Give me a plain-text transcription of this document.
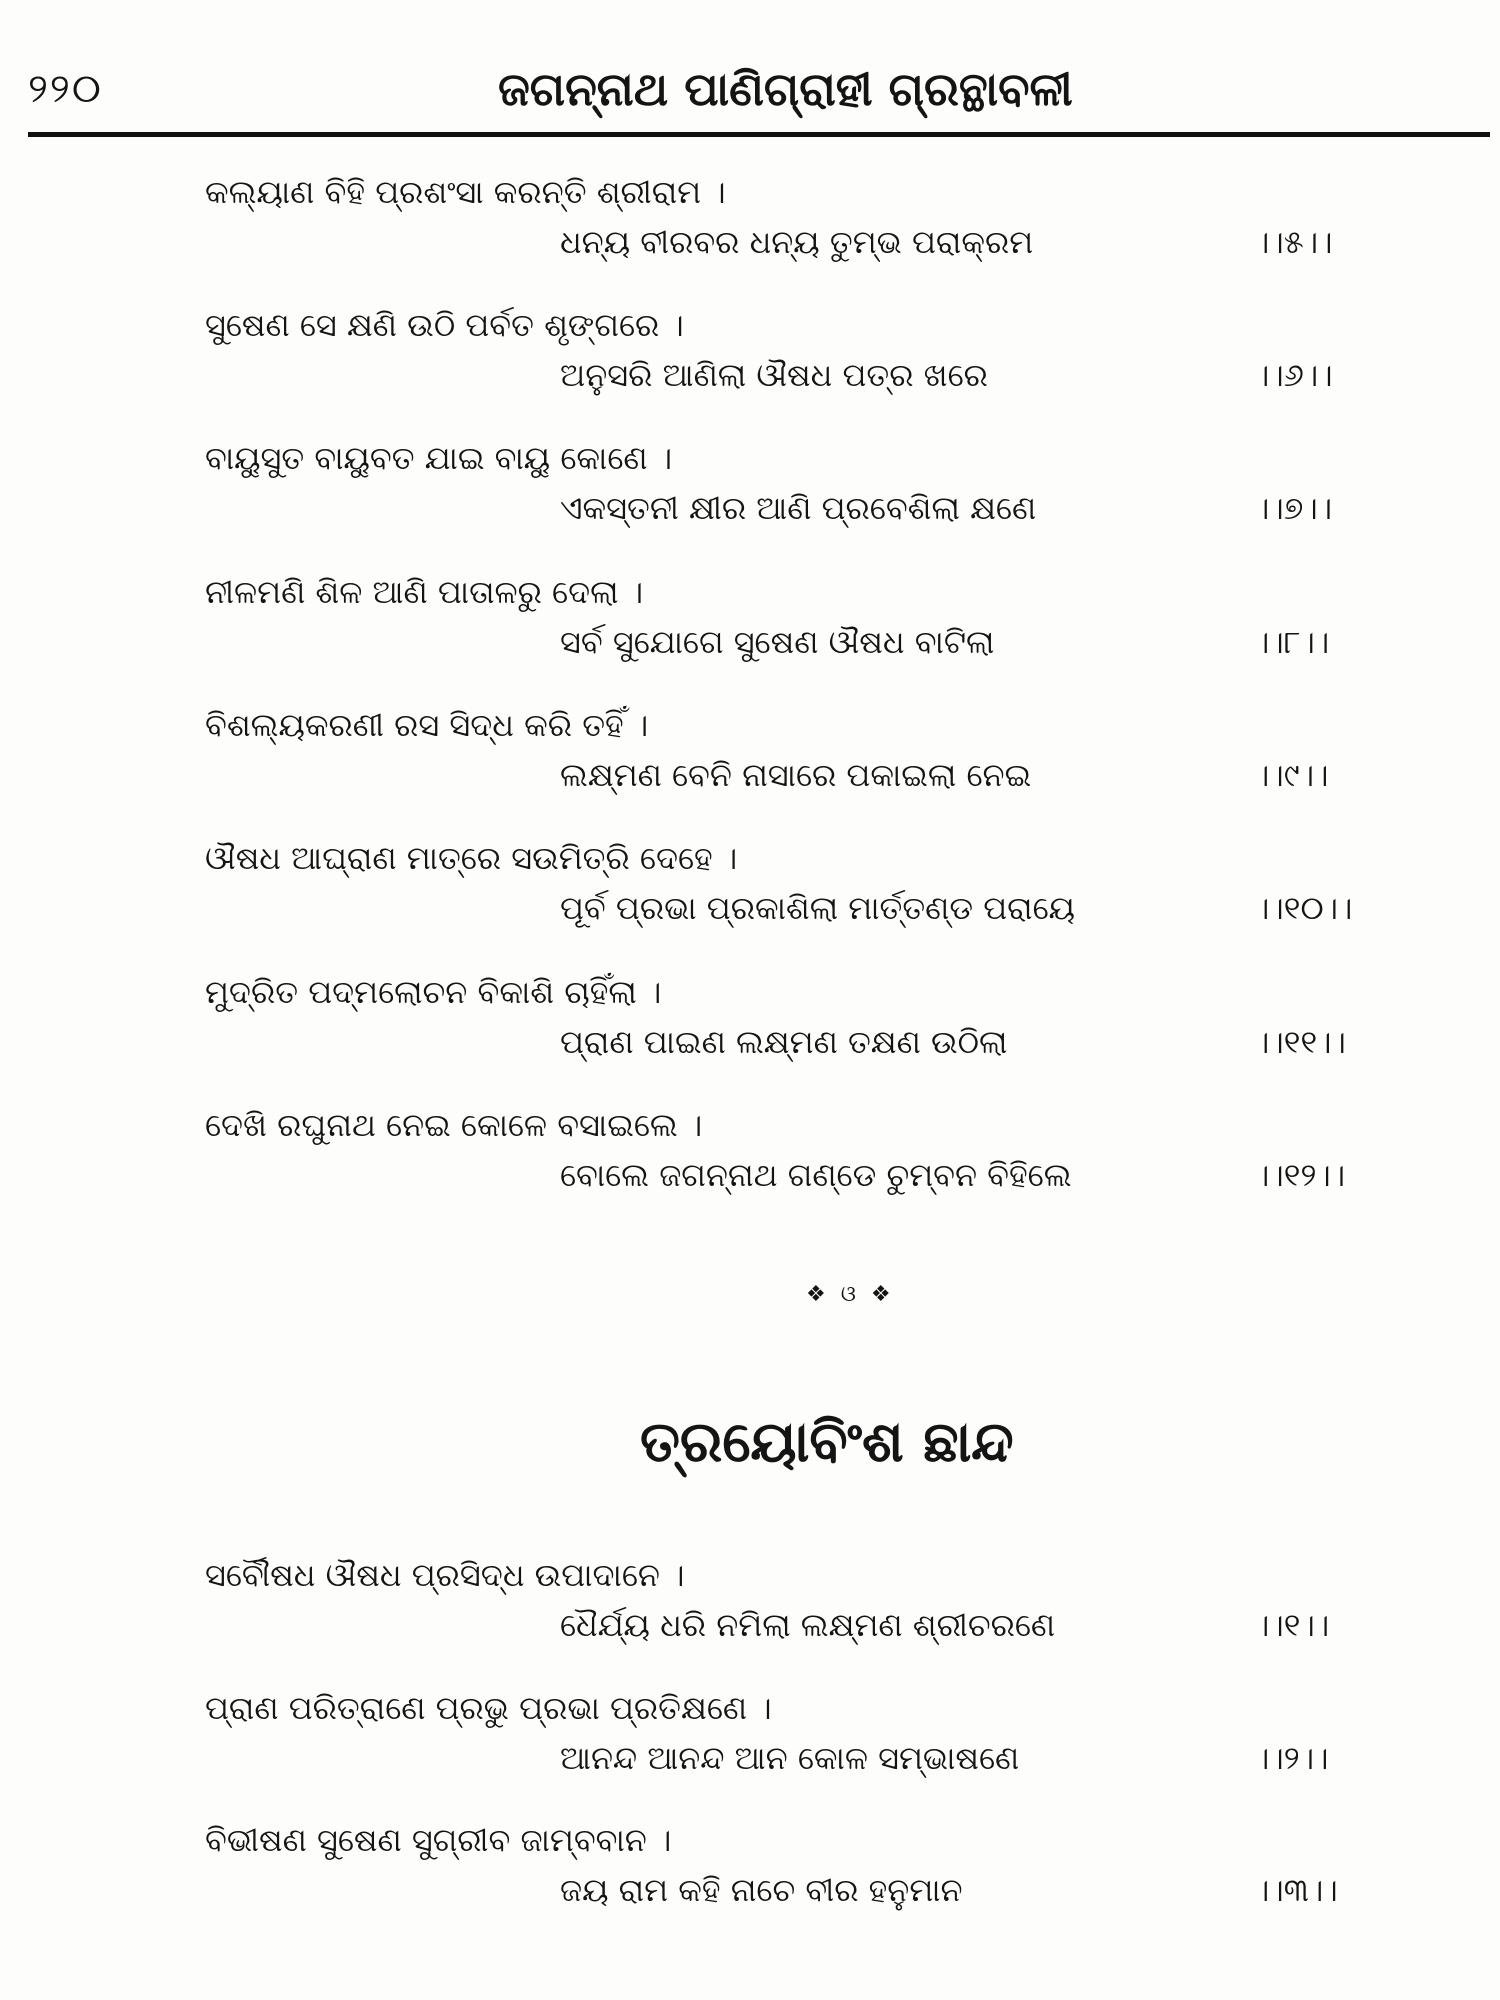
୨୨୦	ଜଗନ୍ନାଥ ପାଣିଗ୍ରାହୀ ଗ୍ରନ୍ଥାବଳୀ
କଲ୍ୟାଣ ବିହି ପ୍ରଶଂସା କରନ୍ତି ଶ୍ରୀରାମ ।
ଧନ୍ୟ ବୀରବର ଧନ୍ୟ ତୁମ୍ଭ ପରାକ୍ରମ	।।୫।।
ସୁଷେଣ ସେ କ୍ଷଣି ଉଠି ପର୍ବତ ଶୃଙ୍ଗରେ ।
ଅନୁସରି ଆଣିଲା ଔଷଧ ପତ୍ର ଖରେ	।।୬।।
ବାୟୁସୁତ ବାୟୁବତ ଯାଇ ବାୟୁ କୋଣେ ।
ଏକସ୍ତନୀ କ୍ଷୀର ଆଣି ପ୍ରବେଶିଲା କ୍ଷଣେ	।।୭।।
ନୀଳମଣି ଶିଳ ଆଣି ପାତାଳରୁ ଦେଲା ।
ସର୍ବ ସୁଯୋଗେ ସୁଷେଣ ଔଷଧ ବାଟିଲା	।।୮।।
ବିଶଲ୍ୟକରଣୀ ରସ ସିଦ୍ଧ କରି ତହିଁ ।
ଲକ୍ଷ୍ମଣ ବେନି ନାସାରେ ପକାଇଲା ନେଇ	।।୯।।
ଔଷଧ ଆଘ୍ରାଣ ମାତ୍ରେ ସଉମିତ୍ରି ଦେହେ ।
ପୂର୍ବ ପ୍ରଭା ପ୍ରକାଶିଲା ମାର୍ତ୍ତଣ୍ଡ ପରାୟେ	।।୧୦।।
ମୁଦ୍ରିତ ପଦ୍ମଲୋଚନ ବିକାଶି ଚାହିଁଲା ।
ପ୍ରାଣ ପାଇଣ ଲକ୍ଷ୍ମଣ ତକ୍ଷଣ ଉଠିଲା	।।୧୧।।
ଦେଖି ରଘୁନାଥ ନେଇ କୋଳେ ବସାଇଲେ ।
ବୋଲେ ଜଗନ୍ନାଥ ଗଣ୍ଡେ ଚୁମ୍ବନ ବିହିଲେ	।।୧୨।।
❖ ଓ ❖
ତ୍ରୟୋବିଂଶ ଛାନ୍ଦ
ସର୍ବୌଷଧ ଔଷଧ ପ୍ରସିଦ୍ଧ ଉପାଦାନେ ।
ଧୈର୍ଯ୍ୟ ଧରି ନମିଲା ଲକ୍ଷ୍ମଣ ଶ୍ରୀଚରଣେ	।।୧।।
ପ୍ରାଣ ପରିତ୍ରାଣେ ପ୍ରଭୁ ପ୍ରଭା ପ୍ରତିକ୍ଷଣେ ।
ଆନନ୍ଦ ଆନନ୍ଦ ଆନ କୋଳ ସମ୍ଭାଷଣେ	।।୨।।
ବିଭୀଷଣ ସୁଷେଣ ସୁଗ୍ରୀବ ଜାମ୍ବବାନ ।
ଜୟ ରାମ କହି ନାଚେ ବୀର ହନୁମାନ	।।୩।।
